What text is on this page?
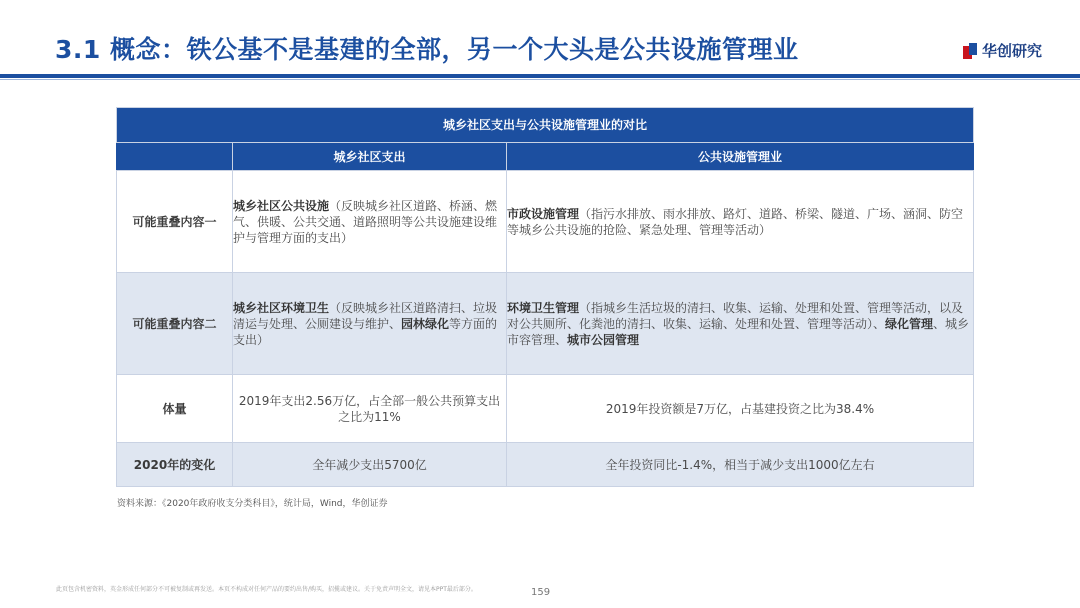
3.1 概念：铁公基不是基建的全部，另一个大头是公共设施管理业	华创研究
城乡社区支出与公共设施管理业的对比		
	城乡社区支出	公共设施管理业
可能重叠内容一	城乡社区公共设施（反映城乡社区道路、桥涵、燃气、供暖、公共交通、道路照明等公共设施建设维护与管理方面的支出）	市政设施管理（指污水排放、雨水排放、路灯、道路、桥梁、隧道、广场、涵洞、防空等城乡公共设施的抢险、紧急处理、管理等活动）
可能重叠内容二	城乡社区环境卫生（反映城乡社区道路清扫、垃圾清运与处理、公厕建设与维护、园林绿化等方面的支出）	环境卫生管理（指城乡生活垃圾的清扫、收集、运输、处理和处置、管理等活动，以及对公共厕所、化粪池的清扫、收集、运输、处理和处置、管理等活动）、绿化管理、城乡市容管理、城市公园管理
体量	2019年支出2.56万亿，占全部一般公共预算支出之比为11%	2019年投资额是7万亿，占基建投资之比为38.4%
2020年的变化	全年减少支出5700亿	全年投资同比-1.4%，相当于减少支出1000亿左右
资料来源：《2020年政府收支分类科目》，统计局，Wind，华创证券
此页包含机密资料，英金形成任何部分不可被复制或再发送。本页不构成对任何产品的要约出售/购买，招揽或建议。关于免责声明全文，请见本PPT最后部分。	159
